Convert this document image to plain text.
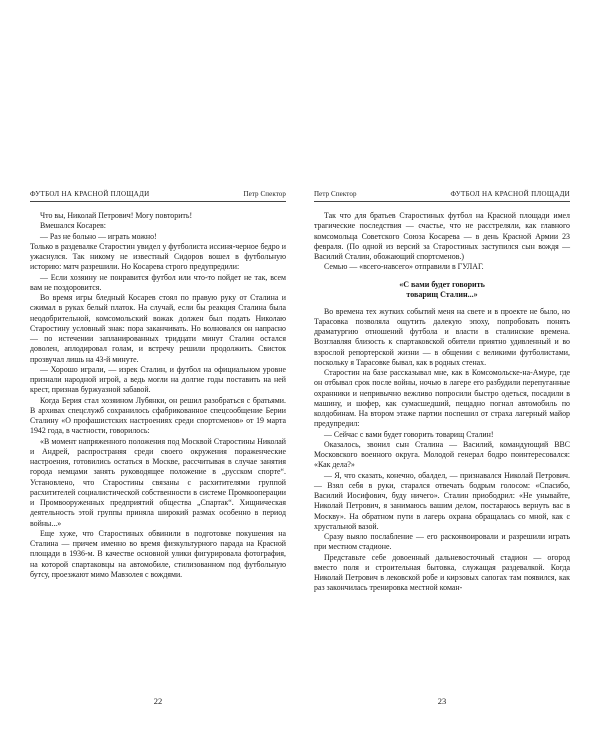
ФУТБОЛ НА КРАСНОЙ ПЛОЩАДИ	Петр Спектор

Что вы, Николай Петрович! Могу повторить!

Вмешался Косарев:

— Раз не больно — играть можно!

Только в раздевалке Старостин увидел у футболиста иссиня-черное бедро и ужаснулся. Так никому не известный Сидоров вошел в футбольную историю: матч разрешили. Но Косарева строго предупредили:

— Если хозяину не понравится футбол или что-то пойдет не так, всем вам не поздоровится.

Во время игры бледный Косарев стоял по правую руку от Сталина и сжимал в руках белый платок. На случай, если бы реакция Сталина была неодобрительной, комсомольский вожак должен был подать Николаю Старостину условный знак: пора заканчивать. Но волновался он напрасно — по истечении запланированных тридцати минут Сталин остался доволен, аплодировал голам, и встречу решили продолжить. Свисток прозвучал лишь на 43-й минуте.

— Хорошо играли, — изрек Сталин, и футбол на официальном уровне признали народной игрой, а ведь могли на долгие годы поставить на ней крест, признав буржуазной забавой.

Когда Берия стал хозяином Лубянки, он решил разобраться с братьями. В архивах спецслужб сохранилось сфабрикованное спецсообщение Берии Сталину «О профашистских настроениях среди спортсменов» от 19 марта 1942 года, в частности, говорилось:

«В момент напряженного положения под Москвой Старостины Николай и Андрей, распространяя среди своего окружения пораженческие настроения, готовились остаться в Москве, рассчитывая в случае занятия города немцами занять руководящее положение в „русском спорте“. Установлено, что Старостины связаны с расхитителями группой расхитителей социалистической собственности в системе Промкооперации и Промвооруженных предприятий общества „Спартак“. Хищническая деятельность этой группы приняла широкий размах особенно в период войны...»

Еще хуже, что Старостиных обвинили в подготовке покушения на Сталина — причем именно во время физкультурного парада на Красной площади в 1936-м. В качестве основной улики фигурировала фотография, на которой спартаковцы на автомобиле, стилизованном под футбольную бутсу, проезжают мимо Мавзолея с вождями.

22
Петр Спектор	ФУТБОЛ НА КРАСНОЙ ПЛОЩАДИ

Так что для братьев Старостиных футбол на Красной площади имел трагические последствия — счастье, что не расстреляли, как главного комсомольца Советского Союза Косарева — в день Красной Армии 23 февраля. (По одной из версий за Старостиных заступился сын вождя — Василий Сталин, обожающий спортсменов.)

Семью — «всего-навсего» отправили в ГУЛАГ.

«С вами будет говорить
товарищ Сталин...»

Во времена тех жутких событий меня на свете и в проекте не было, но Тарасовка позволяла ощутить далекую эпоху, попробовать понять драматургию отношений футбола и власти в сталинские времена. Возглавляя близость к спартаковской обители приятно удивленный и во взрослой репортерской жизни — в общении с великими футболистами, поскольку я Тарасовке бывал, как в родных стенах.

Старостин на базе рассказывал мне, как в Комсомольске-на-Амуре, где он отбывал срок после войны, ночью в лагере его разбудили перепуганные охранники и непривычно вежливо попросили быстро одеться, посадили в машину, и шофер, как сумасшедший, пещадно погнал автомобиль по колдобинам. На втором этаже партии поспешил от страха лагерный майор предупредил:

— Сейчас с вами будет говорить товарищ Сталин!

Оказалось, звонил сын Сталина — Василий, командующий ВВС Московского военного округа. Молодой генерал бодро поинтересовался: «Как дела?»

— Я, что сказать, конечно, обалдел, — признавался Николай Петрович. — Взял себя в руки, старался отвечать бодрым голосом: «Спасибо, Василий Иосифович, буду ничего». Сталин приободрил: «Не унывайте, Николай Петрович, я занимаюсь вашим делом, постараюсь вернуть вас в Москву». На обратном пути в лагерь охрана обращалась со мной, как с хрустальной вазой.

Сразу выяло послабление — его расконвоировали и разрешили играть при местном стадионе.

Представьте себе довоенный дальневосточный стадион — огород вместо поля и строительная бытовка, служащая раздевалкой. Когда Николай Петрович в лековской робе и кирзовых сапогах там появился, как раз закончилась тренировка местной коман-

23
